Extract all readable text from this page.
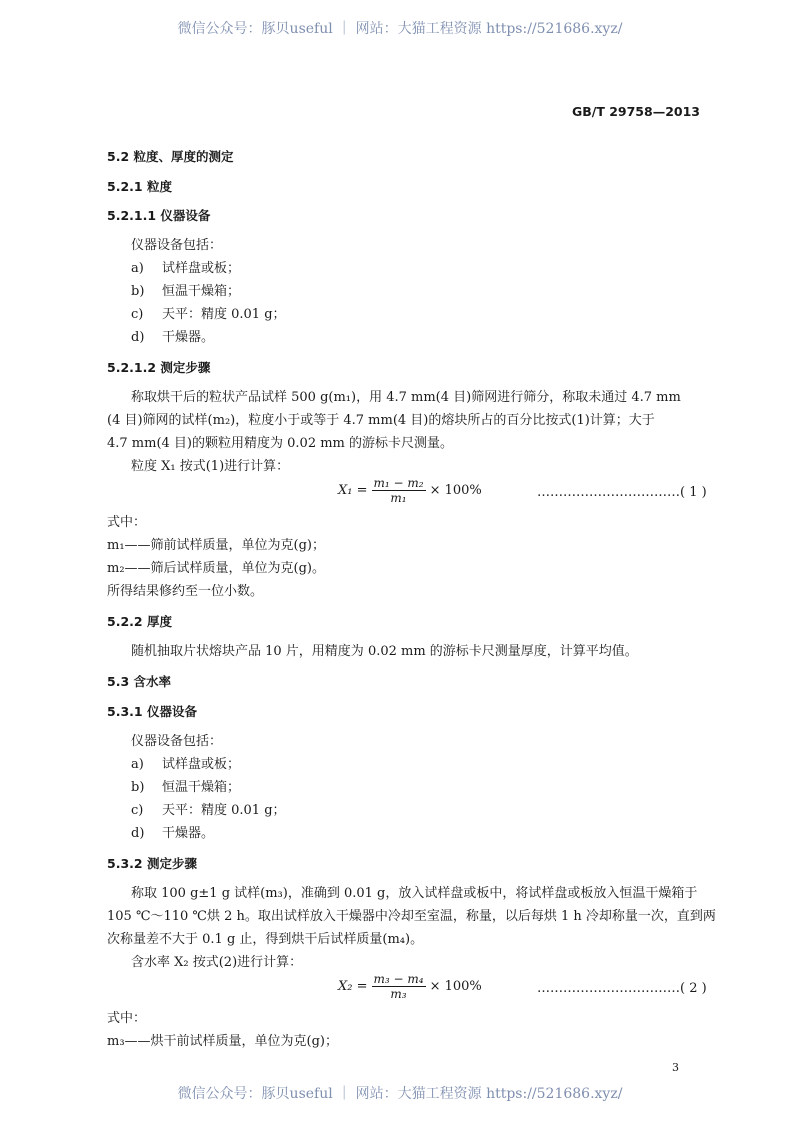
微信公众号：豚贝useful ｜ 网站：大猫工程资源 https://521686.xyz/
GB/T 29758—2013
5.2 粒度、厚度的测定
5.2.1 粒度
5.2.1.1 仪器设备
仪器设备包括：
a) 试样盘或板；
b) 恒温干燥箱；
c) 天平：精度 0.01 g；
d) 干燥器。
5.2.1.2 测定步骤
称取烘干后的粒状产品试样 500 g(m₁)，用 4.7 mm(4 目)筛网进行筛分，称取未通过 4.7 mm
(4 目)筛网的试样(m₂)，粒度小于或等于 4.7 mm(4 目)的熔块所占的百分比按式(1)计算；大于
4.7 mm(4 目)的颗粒用精度为 0.02 mm 的游标卡尺测量。
粒度 X₁ 按式(1)进行计算：
$X_1 = \frac{\text{m₁ − m₂}}{\text{m₁}} \times 100\%$	……………………………( 1 )
式中：
m₁——筛前试样质量，单位为克(g)；
m₂——筛后试样质量，单位为克(g)。
所得结果修约至一位小数。
5.2.2 厚度
随机抽取片状熔块产品 10 片，用精度为 0.02 mm 的游标卡尺测量厚度，计算平均值。
5.3 含水率
5.3.1 仪器设备
仪器设备包括：
a) 试样盘或板；
b) 恒温干燥箱；
c) 天平：精度 0.01 g；
d) 干燥器。
5.3.2 测定步骤
称取 100 g±1 g 试样(m₃)，准确到 0.01 g，放入试样盘或板中，将试样盘或板放入恒温干燥箱于
105 ℃～110 ℃烘 2 h。取出试样放入干燥器中冷却至室温，称量，以后每烘 1 h 冷却称量一次，直到两
次称量差不大于 0.1 g 止，得到烘干后试样质量(m₄)。
含水率 X₂ 按式(2)进行计算：
$X_2 = \frac{\text{m₃ − m₄}}{\text{m₃}} \times 100\%$	……………………………( 2 )
式中：
m₃——烘干前试样质量，单位为克(g)；
3
微信公众号：豚贝useful ｜ 网站：大猫工程资源 https://521686.xyz/
